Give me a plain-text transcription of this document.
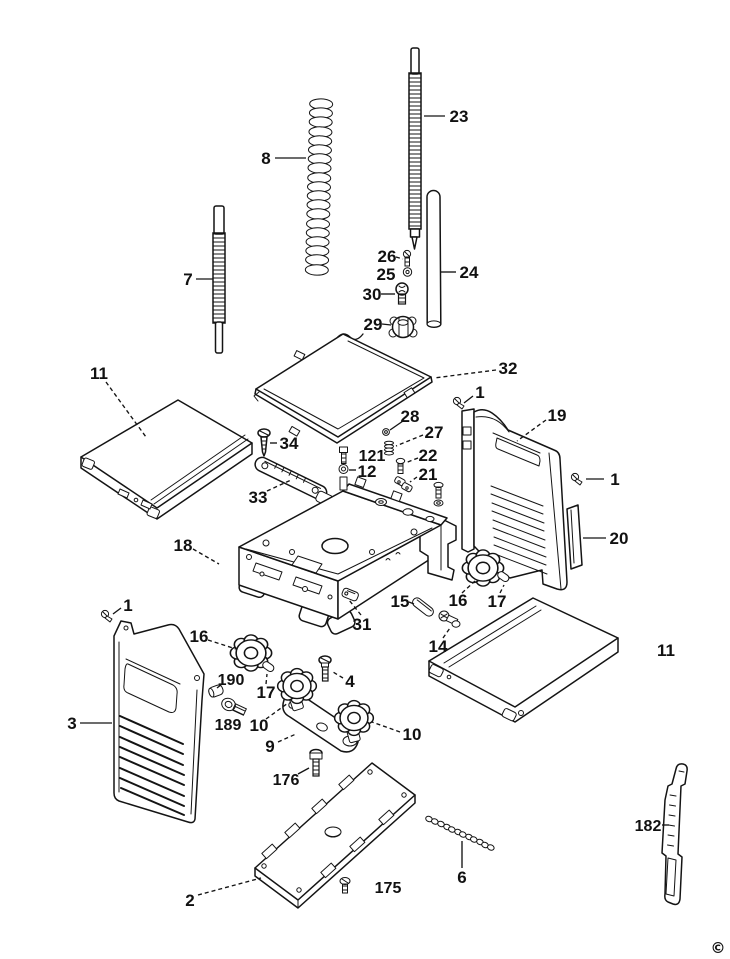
23
8
7	24
26
25
30
29
32
11
1
19
34
28
27
121
12
22
21
33
1
20
18
31
15 16 17
14	11
1
16
190
17
189 10
9
10
4
176
2
175
6
182
3
©
